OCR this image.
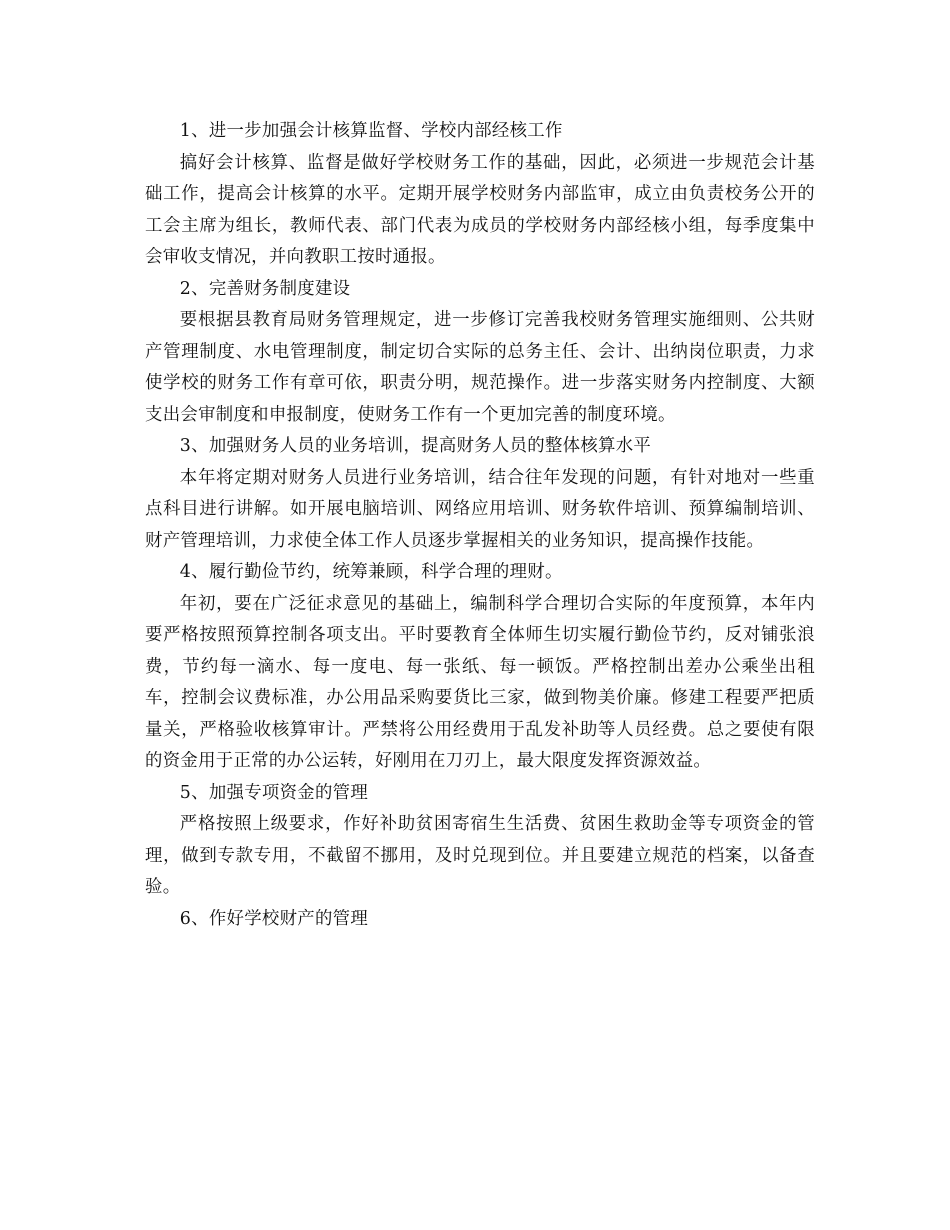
1、进一步加强会计核算监督、学校内部经核工作

搞好会计核算、监督是做好学校财务工作的基础，因此，必须进一步规范会计基础工作，提高会计核算的水平。定期开展学校财务内部监审，成立由负责校务公开的工会主席为组长，教师代表、部门代表为成员的学校财务内部经核小组，每季度集中会审收支情况，并向教职工按时通报。

2、完善财务制度建设

要根据县教育局财务管理规定，进一步修订完善我校财务管理实施细则、公共财产管理制度、水电管理制度，制定切合实际的总务主任、会计、出纳岗位职责，力求使学校的财务工作有章可依，职责分明，规范操作。进一步落实财务内控制度、大额支出会审制度和申报制度，使财务工作有一个更加完善的制度环境。

3、加强财务人员的业务培训，提高财务人员的整体核算水平

本年将定期对财务人员进行业务培训，结合往年发现的问题，有针对地对一些重点科目进行讲解。如开展电脑培训、网络应用培训、财务软件培训、预算编制培训、财产管理培训，力求使全体工作人员逐步掌握相关的业务知识，提高操作技能。

4、履行勤俭节约，统筹兼顾，科学合理的理财。

年初，要在广泛征求意见的基础上，编制科学合理切合实际的年度预算，本年内要严格按照预算控制各项支出。平时要教育全体师生切实履行勤俭节约，反对铺张浪费，节约每一滴水、每一度电、每一张纸、每一顿饭。严格控制出差办公乘坐出租车，控制会议费标准，办公用品采购要货比三家，做到物美价廉。修建工程要严把质量关，严格验收核算审计。严禁将公用经费用于乱发补助等人员经费。总之要使有限的资金用于正常的办公运转，好刚用在刀刃上，最大限度发挥资源效益。

5、加强专项资金的管理

严格按照上级要求，作好补助贫困寄宿生生活费、贫困生救助金等专项资金的管理，做到专款专用，不截留不挪用，及时兑现到位。并且要建立规范的档案，以备查验。

6、作好学校财产的管理
